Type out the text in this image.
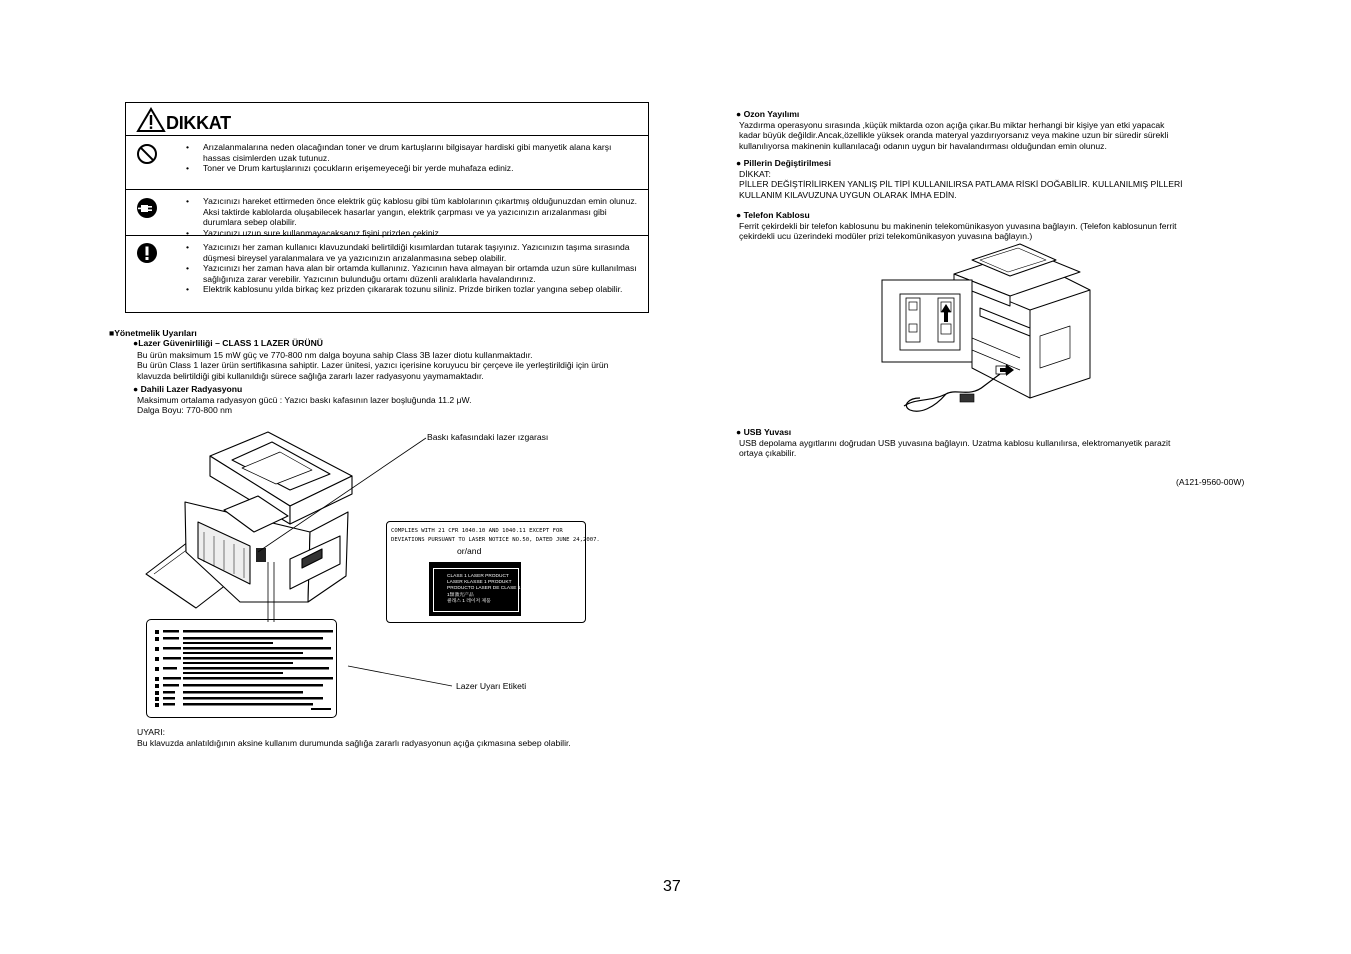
DIKKAT
• Arızalanmalarına neden olacağından toner ve drum kartuşlarını bilgisayar hardiski gibi manyetik alana karşı hassas cisimlerden uzak tutunuz.
• Toner ve Drum kartuşlarınızı çocukların erişemeyeceği bir yerde muhafaza ediniz.
• Yazıcınızı hareket ettirmeden önce elektrik güç kablosu gibi tüm kablolarının çıkartmış olduğunuzdan emin olunuz. Aksi taktirde kablolarda oluşabilecek hasarlar yangın, elektrik çarpması ve ya yazıcınızın arızalanması gibi durumlara sebep olabilir.
• Yazıcınızı uzun sure kullanmayacaksanız fişini prizden çekiniz.
• Yazıcınızı her zaman kullanıcı klavuzundaki belirtildiği kısımlardan tutarak taşıyınız. Yazıcınızın taşıma sırasında düşmesi bireysel yaralanmalara ve ya yazıcınızın arızalanmasına sebep olabilir.
• Yazıcınızı her zaman hava alan bir ortamda kullanınız. Yazıcının hava almayan bir ortamda uzun süre kullanılması sağlığınıza zarar verebilir. Yazıcının bulunduğu ortamı düzenli aralıklarla havalandırınız.
• Elektrik kablosunu yılda birkaç kez prizden çıkararak tozunu siliniz. Prizde biriken tozlar yangına sebep olabilir.
■Yönetmelik Uyarıları
●Lazer Güvenirliliği – CLASS 1 LAZER ÜRÜNÜ
Bu ürün maksimum 15 mW güç ve 770-800 nm dalga boyuna sahip Class 3B lazer diotu kullanmaktadır.
Bu ürün Class 1 lazer ürün sertifikasına sahiptir. Lazer ünitesi, yazıcı içerisine koruyucu bir çerçeve ile yerleştirildiği için ürün
klavuzda belirtildiği gibi kullanıldığı sürece sağlığa zararlı lazer radyasyonu yaymamaktadır.
● Dahili Lazer Radyasyonu
Maksimum ortalama radyasyon gücü : Yazıcı baskı kafasının lazer boşluğunda 11.2 μW.
Dalga Boyu: 770-800 nm
Baskı kafasındaki lazer ızgarası
COMPLIES WITH 21 CFR 1040.10 AND 1040.11 EXCEPT FOR
DEVIATIONS PURSUANT TO LASER NOTICE NO.50, DATED JUNE 24,2007.
or/and
CLASS 1 LASER PRODUCT
LASER KLASSE 1 PRODUKT
PRODUCTO LASER DE CLASE 1
1類激光产品
클래스 1 레이저 제품
Lazer Uyarı Etiketi
UYARI:
Bu klavuzda anlatıldığının aksine kullanım durumunda sağlığa zararlı radyasyonun açığa çıkmasına sebep olabilir.
● Ozon Yayılımı
Yazdırma operasyonu sırasında ,küçük miktarda ozon açığa çıkar.Bu miktar herhangi bir kişiye yan etki yapacak
kadar büyük değildir.Ancak,özellikle yüksek oranda materyal yazdırıyorsanız veya makine uzun bir süredir sürekli
kullanılıyorsa makinenin kullanılacağı odanın uygun bir havalandırması olduğundan emin olunuz.
● Pillerin Değiştirilmesi
DİKKAT:
PİLLER DEĞİŞTİRİLİRKEN YANLIŞ PİL TİPİ KULLANILIRSA PATLAMA RİSKİ DOĞABİLİR. KULLANILMIŞ PİLLERİ
KULLANIM KILAVUZUNA UYGUN OLARAK İMHA EDİN.
● Telefon Kablosu
Ferrit çekirdekli bir telefon kablosunu bu makinenin telekomünikasyon yuvasına bağlayın. (Telefon kablosunun ferrit
çekirdekli ucu üzerindeki modüler prizi telekomünikasyon yuvasına bağlayın.)
● USB Yuvası
USB depolama aygıtlarını doğrudan USB yuvasına bağlayın. Uzatma kablosu kullanılırsa, elektromanyetik parazit
ortaya çıkabilir.
(A121-9560-00W)
37
